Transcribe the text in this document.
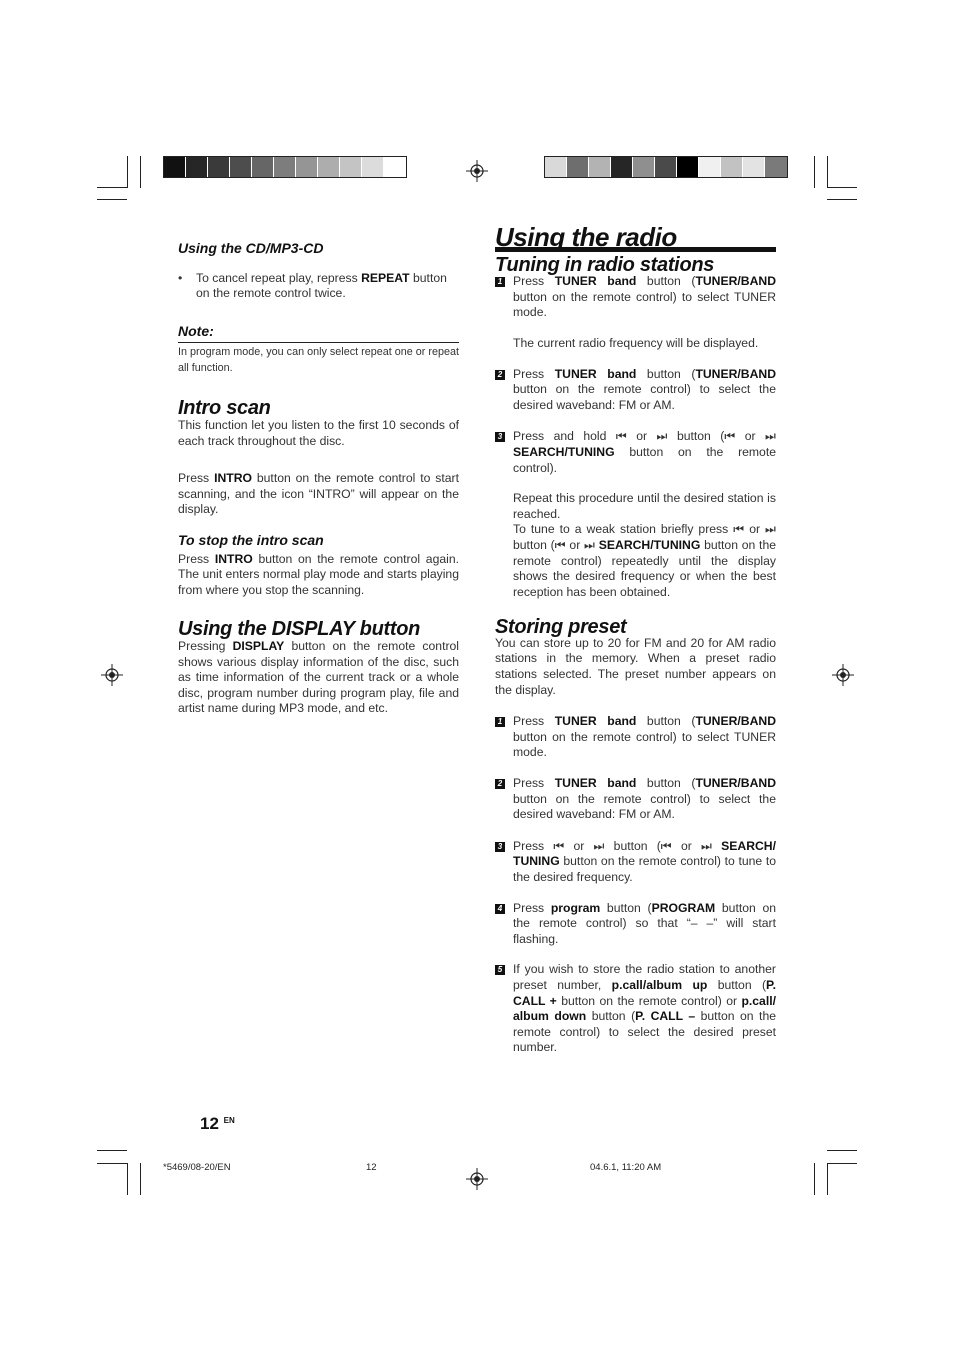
Using the CD/MP3-CD

• To cancel repeat play, repress REPEAT button on the remote control twice.

Note:

In program mode, you can only select repeat one or repeat all function.

Intro scan

This function let you listen to the first 10 seconds of each track throughout the disc.

Press INTRO button on the remote control to start scanning, and the icon “INTRO” will appear on the display.

To stop the intro scan

Press INTRO button on the remote control again. The unit enters normal play mode and starts playing from where you stop the scanning.

Using the DISPLAY button

Pressing DISPLAY button on the remote control shows various display information of the disc, such as time information of the current track or a whole disc, program number during program play, file and artist name during MP3 mode, and etc.

Using the radio

Tuning in radio stations

1 Press TUNER band button (TUNER/BAND button on the remote control) to select TUNER mode.

The current radio frequency will be displayed.

2 Press TUNER band button (TUNER/BAND button on the remote control) to select the desired waveband: FM or AM.
3 Press and hold ⏮ or ⏭ button (⏮ or ⏭ SEARCH/TUNING button on the remote control).

Repeat this procedure until the desired station is reached.

To tune to a weak station briefly press ⏮ or ⏭ button (⏮ or ⏭ SEARCH/TUNING button on the remote control) repeatedly until the display shows the desired frequency or when the best reception has been obtained.

Storing preset

You can store up to 20 for FM and 20 for AM radio stations in the memory. When a preset radio stations selected. The preset number appears on the display.

1 Press TUNER band button (TUNER/BAND button on the remote control) to select TUNER mode.
2 Press TUNER band button (TUNER/BAND button on the remote control) to select the desired waveband: FM or AM.
3 Press ⏮ or ⏭ button (⏮ or ⏭ SEARCH/ TUNING button on the remote control) to tune to the desired frequency.
4 Press program button (PROGRAM button on the remote control) so that “– –” will start flashing.
5 If you wish to store the radio station to another preset number, p.call/album up button (P. CALL + button on the remote control) or p.call/ album down button (P. CALL – button on the remote control) to select the desired preset number.
12 $^{EN}$
*5469/08-20/EN	12	04.6.1, 11:20 AM
